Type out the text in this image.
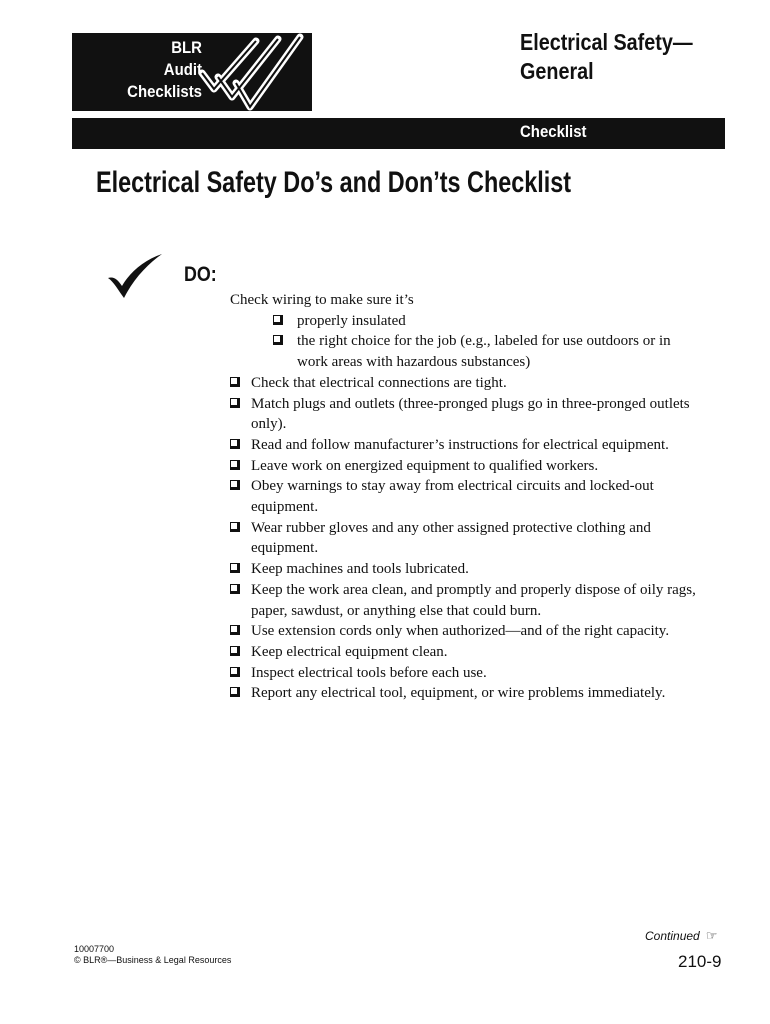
BLR
Audit
Checklists
Electrical Safety—
General
Checklist
Electrical Safety Do’s and Don’ts Checklist
DO:

Check wiring to make sure it’s

properly insulated
the right choice for the job (e.g., labeled for use outdoors or in work areas with hazardous substances)
Check that electrical connections are tight.
Match plugs and outlets (three-pronged plugs go in three-pronged outlets only).
Read and follow manufacturer’s instructions for electrical equipment.
Leave work on energized equipment to qualified workers.
Obey warnings to stay away from electrical circuits and locked-out equipment.
Wear rubber gloves and any other assigned protective clothing and equipment.
Keep machines and tools lubricated.
Keep the work area clean, and promptly and properly dispose of oily rags, paper, sawdust, or anything else that could burn.
Use extension cords only when authorized—and of the right capacity.
Keep electrical equipment clean.
Inspect electrical tools before each use.
Report any electrical tool, equipment, or wire problems immediately.
10007700
© BLR®—Business & Legal Resources
Continued ☞
210-9
